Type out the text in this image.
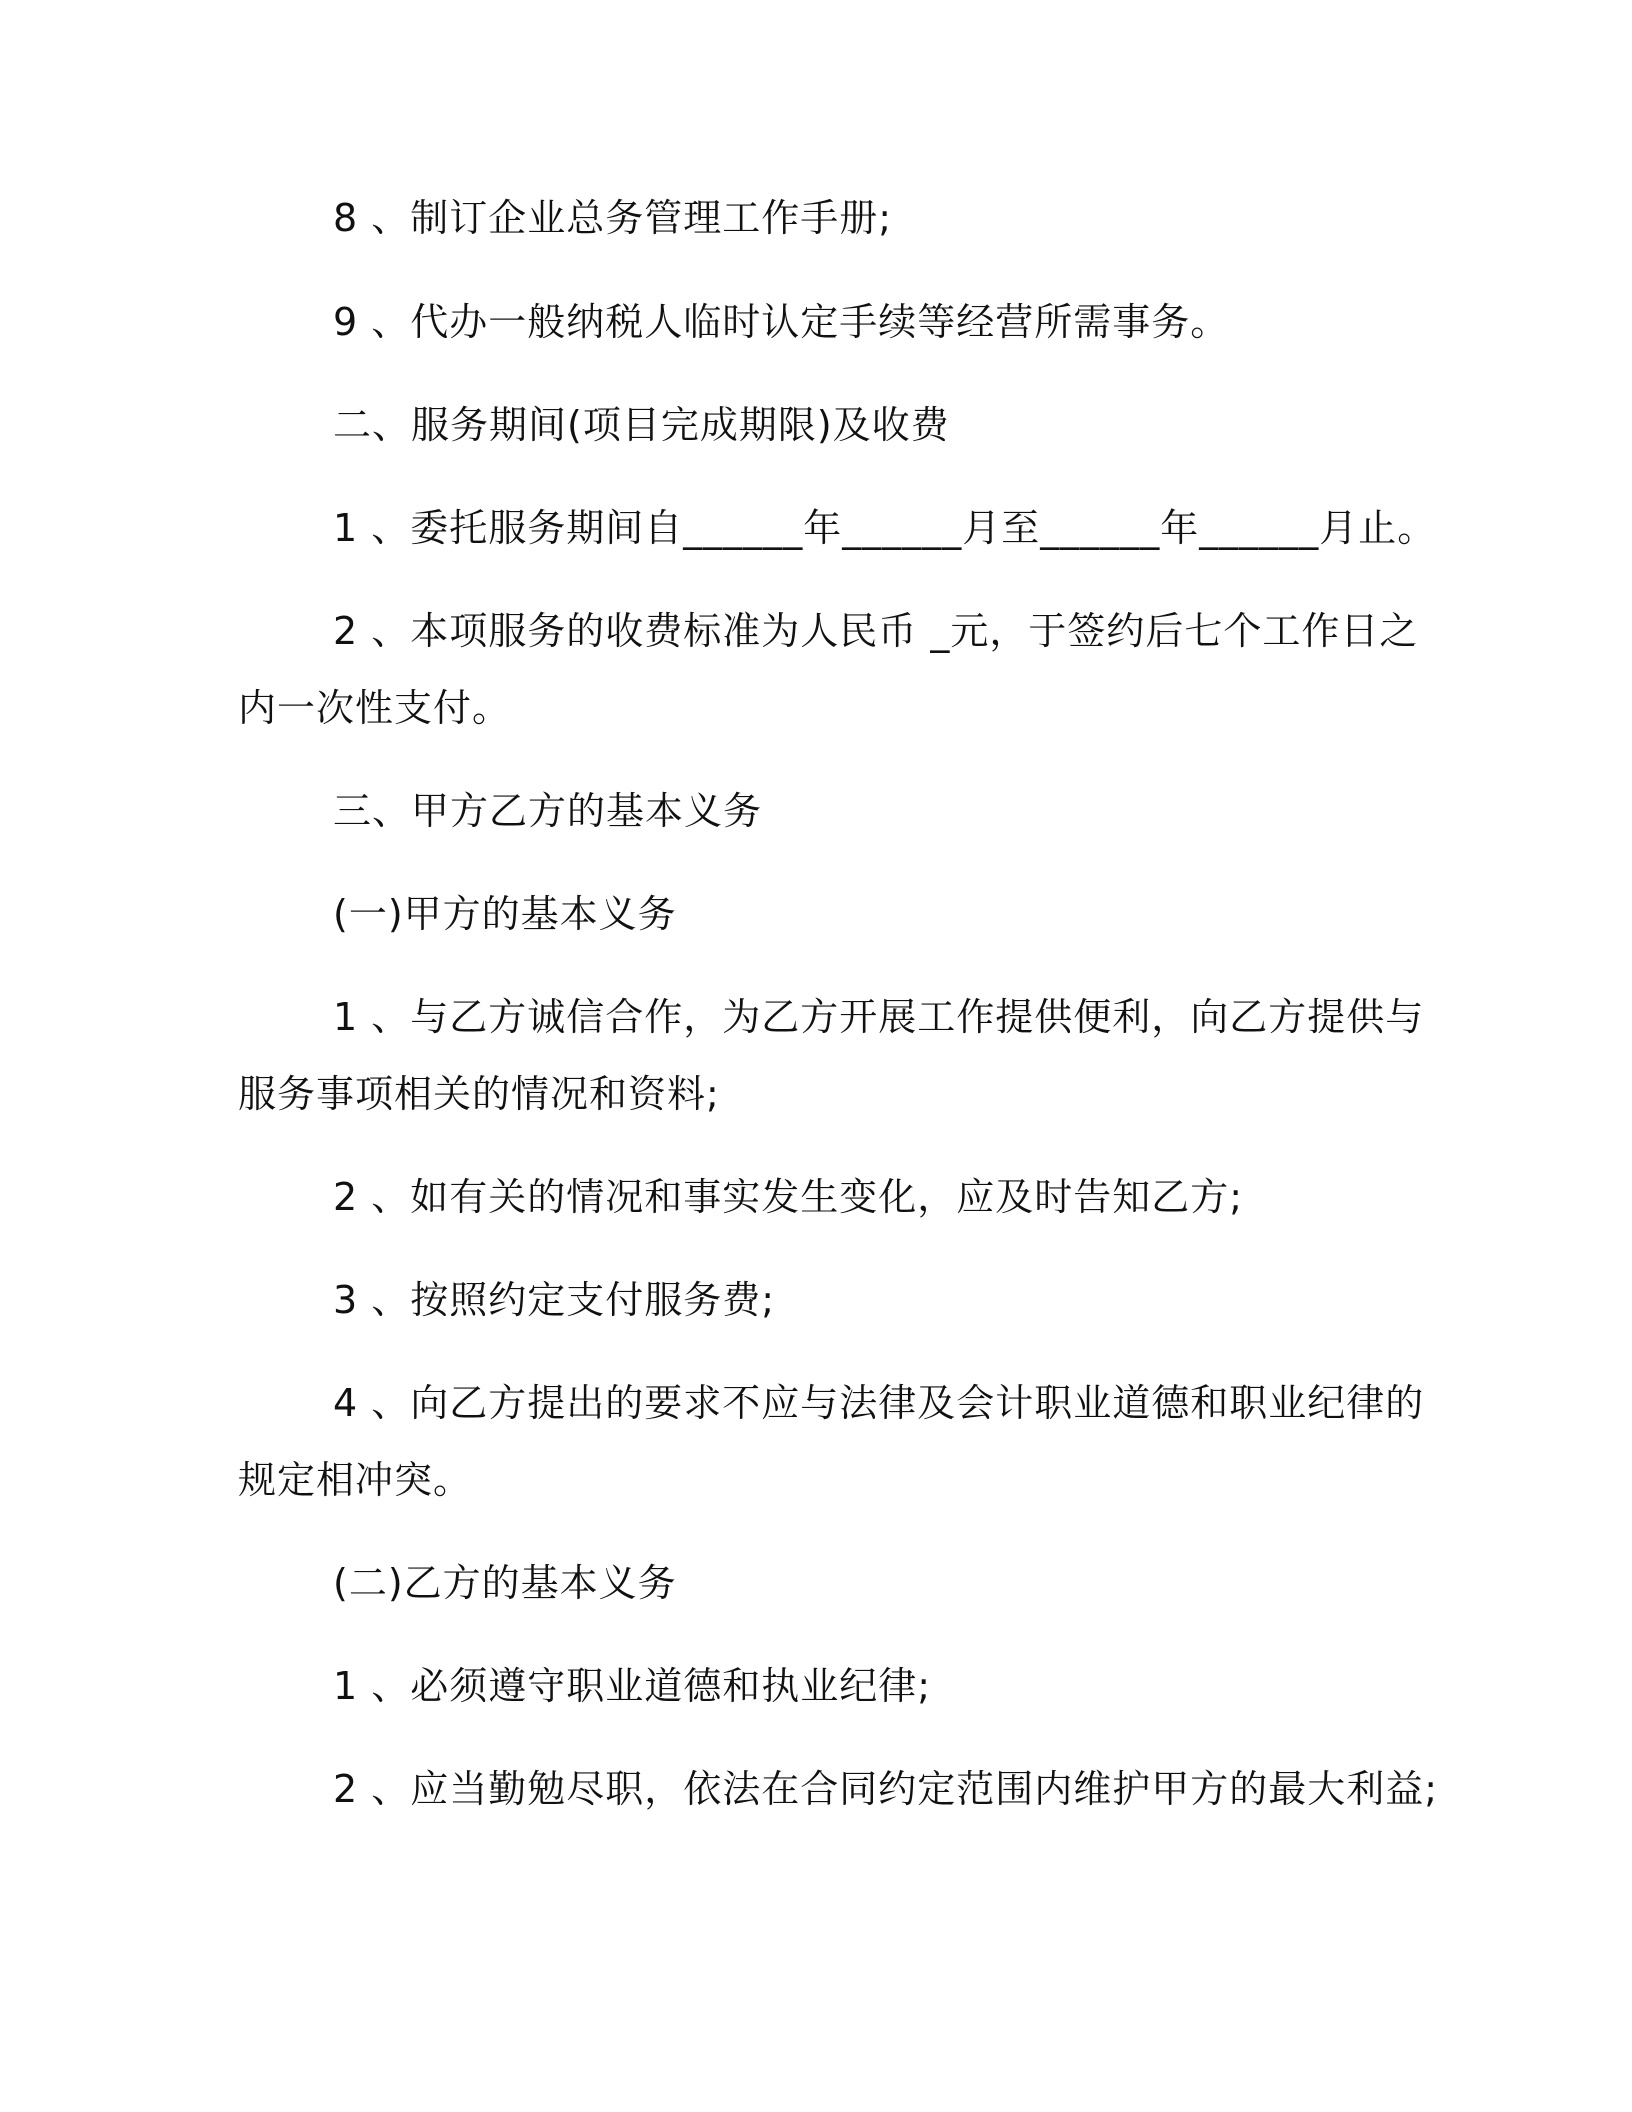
8 、制订企业总务管理工作手册;
9 、代办一般纳税人临时认定手续等经营所需事务。
二、服务期间(项目完成期限)及收费
1 、委托服务期间自______年______月至______年______月止。
2 、本项服务的收费标准为人民币 _元，于签约后七个工作日之
内一次性支付。
三、甲方乙方的基本义务
(一)甲方的基本义务
1 、与乙方诚信合作，为乙方开展工作提供便利，向乙方提供与
服务事项相关的情况和资料;
2 、如有关的情况和事实发生变化，应及时告知乙方;
3 、按照约定支付服务费;
4 、向乙方提出的要求不应与法律及会计职业道德和职业纪律的
规定相冲突。
(二)乙方的基本义务
1 、必须遵守职业道德和执业纪律;
2 、应当勤勉尽职，依法在合同约定范围内维护甲方的最大利益;
